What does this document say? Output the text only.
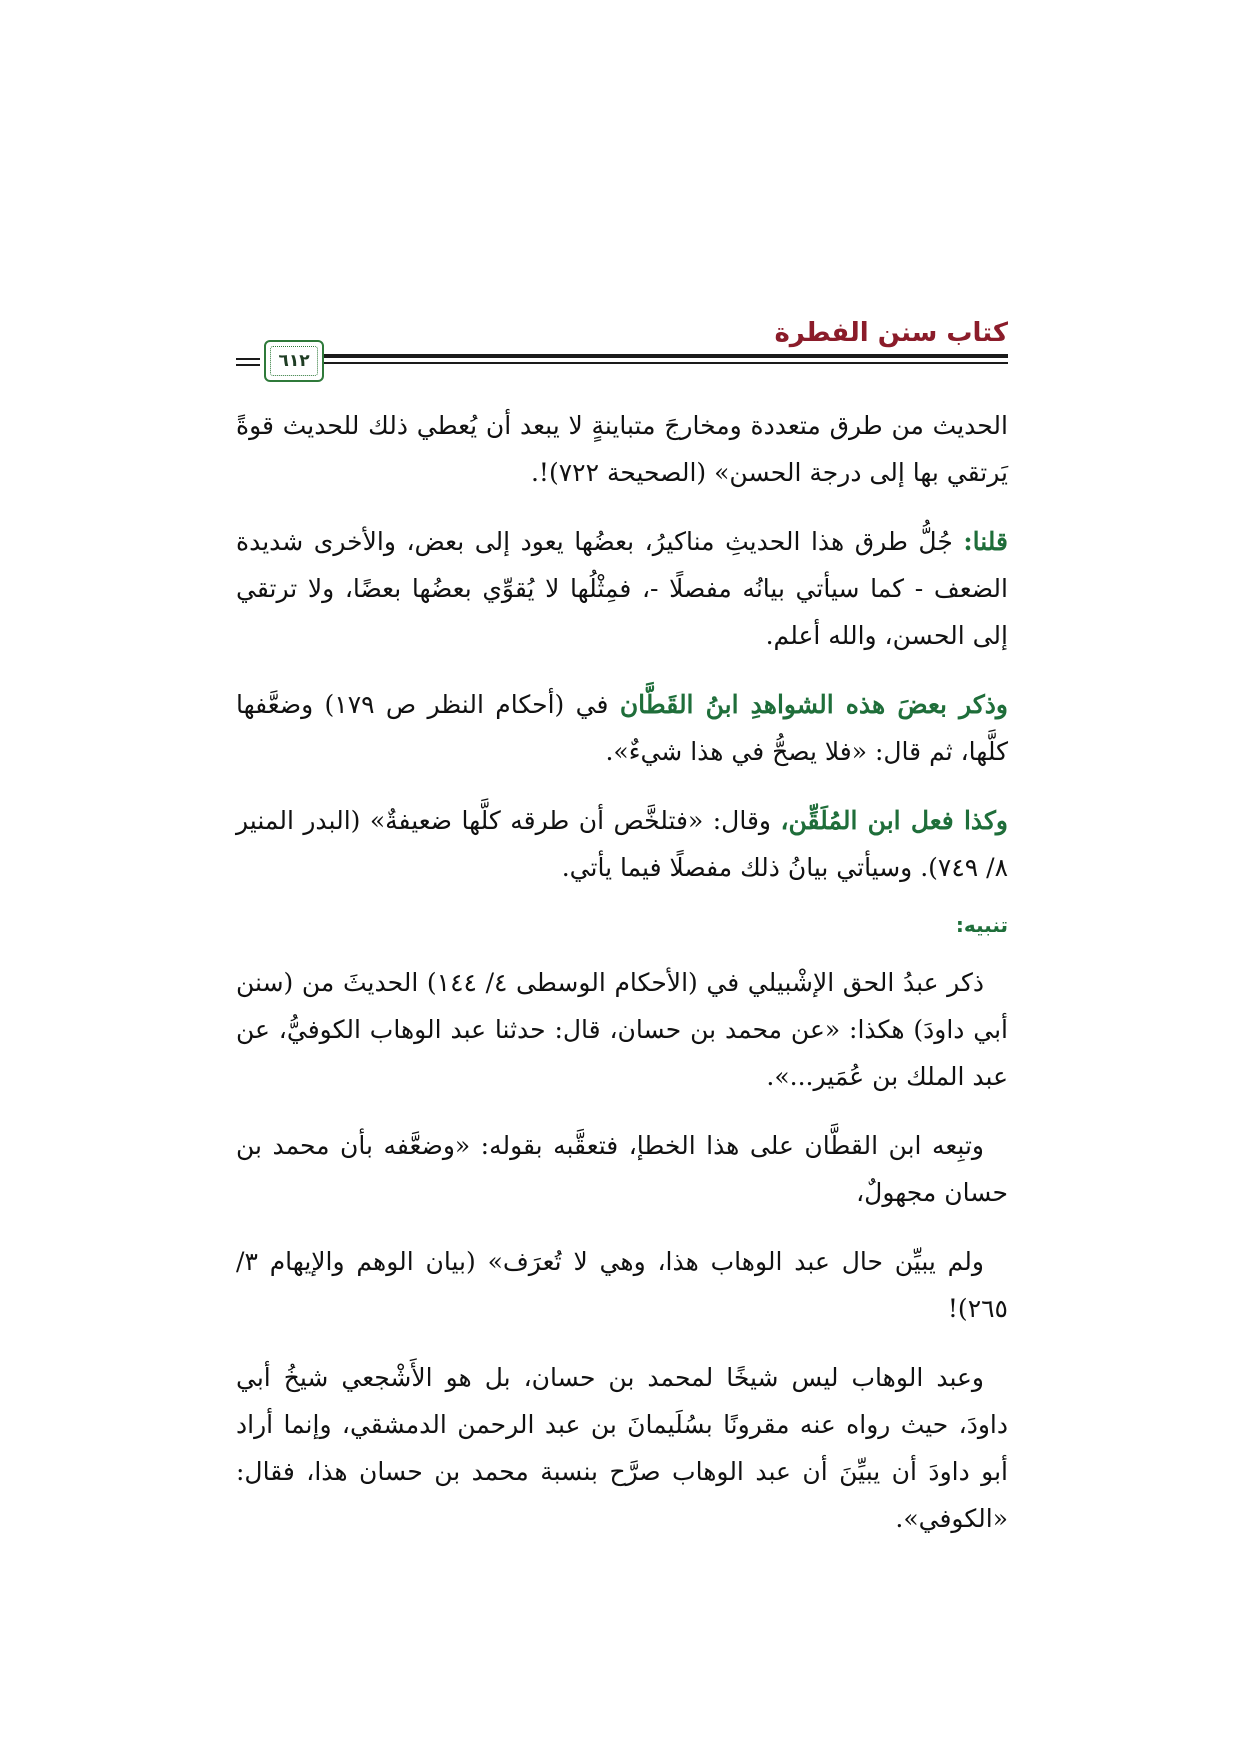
كتاب سنن الفطرة
٦١٢

الحديث من طرق متعددة ومخارجَ متباينةٍ لا يبعد أن يُعطي ذلك للحديث قوةً يَرتقي بها إلى درجة الحسن» (الصحيحة ٧٢٢)!.

قلنا: جُلُّ طرق هذا الحديثِ مناكيرُ، بعضُها يعود إلى بعض، والأخرى شديدة الضعف - كما سيأتي بيانُه مفصلًا -، فمِثْلُها لا يُقوِّي بعضُها بعضًا، ولا ترتقي إلى الحسن، والله أعلم.

وذكر بعضَ هذه الشواهدِ ابنُ القَطَّان في (أحكام النظر ص ١٧٩) وضعَّفها كلَّها، ثم قال: «فلا يصحُّ في هذا شيءٌ».

وكذا فعل ابن المُلَقِّن، وقال: «فتلخَّص أن طرقه كلَّها ضعيفةٌ» (البدر المنير ٨/ ٧٤٩). وسيأتي بيانُ ذلك مفصلًا فيما يأتي.

تنبيه:

ذكر عبدُ الحق الإشْبيلي في (الأحكام الوسطى ٤/ ١٤٤) الحديثَ من (سنن أبي داودَ) هكذا: «عن محمد بن حسان، قال: حدثنا عبد الوهاب الكوفيُّ، عن عبد الملك بن عُمَير...».

وتبِعه ابن القطَّان على هذا الخطإ، فتعقَّبه بقوله: «وضعَّفه بأن محمد بن حسان مجهولٌ،

ولم يبيِّن حال عبد الوهاب هذا، وهي لا تُعرَف» (بيان الوهم والإيهام ٣/ ٢٦٥)!

وعبد الوهاب ليس شيخًا لمحمد بن حسان، بل هو الأَشْجعي شيخُ أبي داودَ، حيث رواه عنه مقرونًا بسُلَيمانَ بن عبد الرحمن الدمشقي، وإنما أراد أبو داودَ أن يبيِّنَ أن عبد الوهاب صرَّح بنسبة محمد بن حسان هذا، فقال: «الكوفي».
